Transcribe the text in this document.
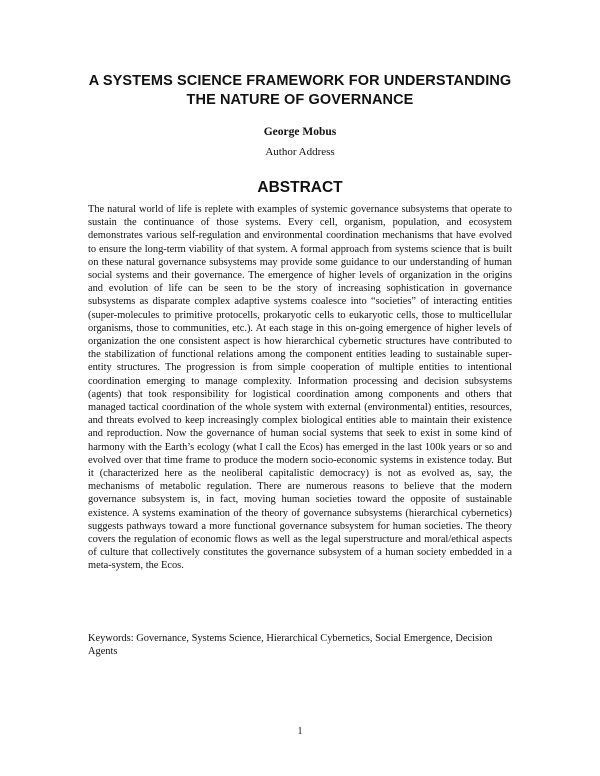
A SYSTEMS SCIENCE FRAMEWORK FOR UNDERSTANDING
THE NATURE OF GOVERNANCE
George Mobus
Author Address
ABSTRACT

The natural world of life is replete with examples of systemic governance subsystems that operate to sustain the continuance of those systems. Every cell, organism, population, and ecosystem demonstrates various self-regulation and environmental coordination mechanisms that have evolved to ensure the long-term viability of that system. A formal approach from systems science that is built on these natural governance subsystems may provide some guidance to our understanding of human social systems and their governance. The emergence of higher levels of organization in the origins and evolution of life can be seen to be the story of increasing sophistication in governance subsystems as disparate complex adaptive systems coalesce into “societies” of interacting entities (super-molecules to primitive protocells, prokaryotic cells to eukaryotic cells, those to multicellular organisms, those to communities, etc.). At each stage in this on-going emergence of higher levels of organization the one consistent aspect is how hierarchical cybernetic structures have contributed to the stabilization of functional relations among the component entities leading to sustainable super-entity structures. The progression is from simple cooperation of multiple entities to intentional coordination emerging to manage complexity. Information processing and decision subsystems (agents) that took responsibility for logistical coordination among components and others that managed tactical coordination of the whole system with external (environmental) entities, resources, and threats evolved to keep increasingly complex biological entities able to maintain their existence and reproduction. Now the governance of human social systems that seek to exist in some kind of harmony with the Earth’s ecology (what I call the Ecos) has emerged in the last 100k years or so and evolved over that time frame to produce the modern socio-economic systems in existence today. But it (characterized here as the neoliberal capitalistic democracy) is not as evolved as, say, the mechanisms of metabolic regulation. There are numerous reasons to believe that the modern governance subsystem is, in fact, moving human societies toward the opposite of sustainable existence. A systems examination of the theory of governance subsystems (hierarchical cybernetics) suggests pathways toward a more functional governance subsystem for human societies. The theory covers the regulation of economic flows as well as the legal superstructure and moral/ethical aspects of culture that collectively constitutes the governance subsystem of a human society embedded in a meta-system, the Ecos.

Keywords: Governance, Systems Science, Hierarchical Cybernetics, Social Emergence, Decision Agents

1
